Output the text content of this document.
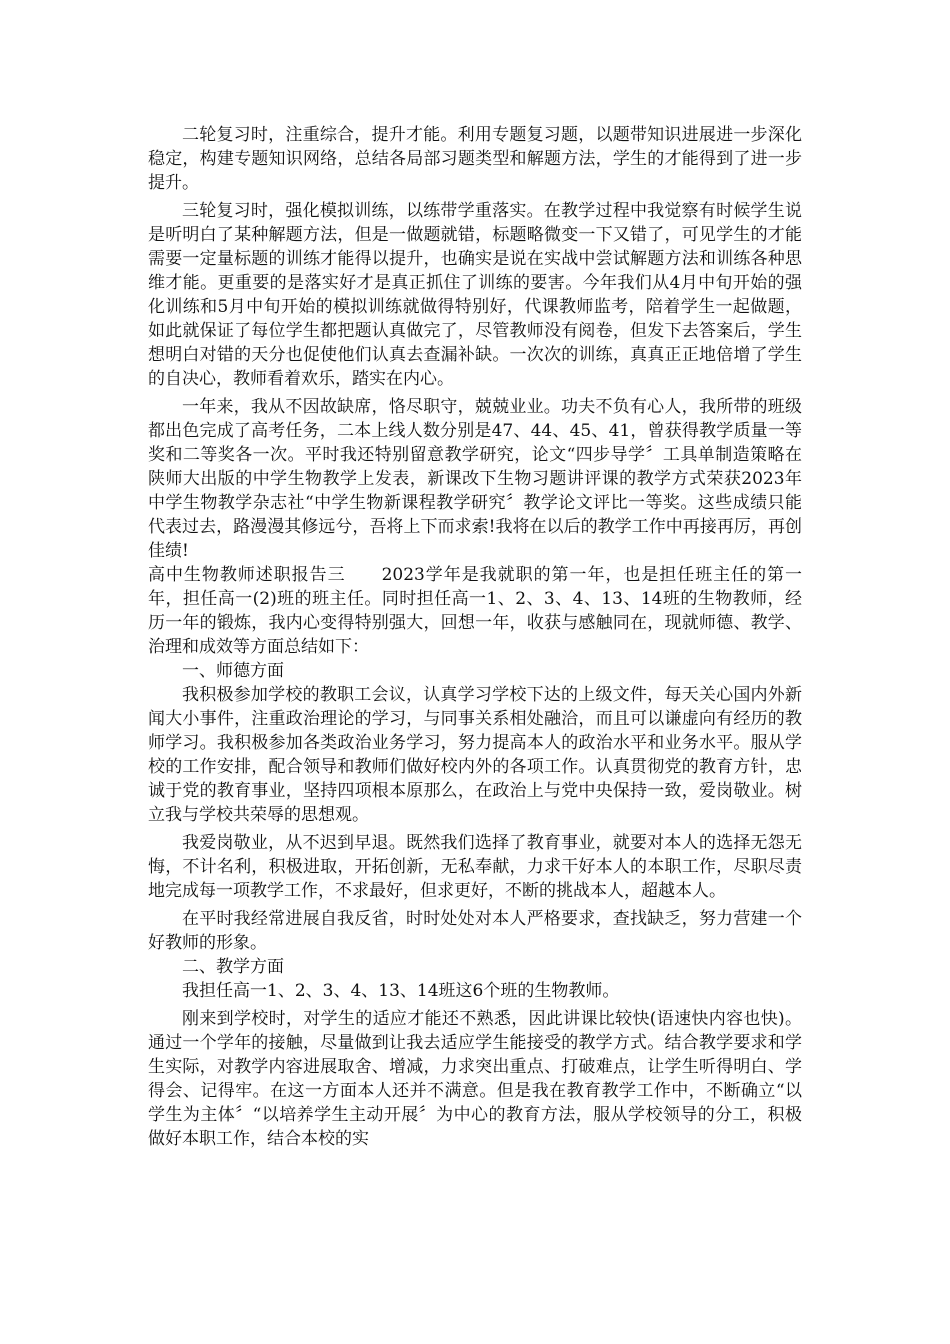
二轮复习时，注重综合，提升才能。利用专题复习题，以题带知识进展进一步深化稳定，构建专题知识网络，总结各局部习题类型和解题方法，学生的才能得到了进一步提升。

三轮复习时，强化模拟训练，以练带学重落实。在教学过程中我觉察有时候学生说是听明白了某种解题方法，但是一做题就错，标题略微变一下又错了，可见学生的才能需要一定量标题的训练才能得以提升，也确实是说在实战中尝试解题方法和训练各种思维才能。更重要的是落实好才是真正抓住了训练的要害。今年我们从4月中旬开始的强化训练和5月中旬开始的模拟训练就做得特别好，代课教师监考，陪着学生一起做题，如此就保证了每位学生都把题认真做完了，尽管教师没有阅卷，但发下去答案后，学生想明白对错的天分也促使他们认真去查漏补缺。一次次的训练，真真正正地倍增了学生的自决心，教师看着欢乐，踏实在内心。

一年来，我从不因故缺席，恪尽职守，兢兢业业。功夫不负有心人，我所带的班级都出色完成了高考任务，二本上线人数分别是47、44、45、41，曾获得教学质量一等奖和二等奖各一次。平时我还特别留意教学研究，论文“四步导学〞工具单制造策略在陕师大出版的中学生物教学上发表，新课改下生物习题讲评课的教学方式荣获2023年中学生物教学杂志社“中学生物新课程教学研究〞教学论文评比一等奖。这些成绩只能代表过去，路漫漫其修远兮，吾将上下而求索!我将在以后的教学工作中再接再厉，再创佳绩!

高中生物教师述职报告三 2023学年是我就职的第一年，也是担任班主任的第一年，担任高一(2)班的班主任。同时担任高一1、2、3、4、13、14班的生物教师，经历一年的锻炼，我内心变得特别强大，回想一年，收获与感触同在，现就师德、教学、治理和成效等方面总结如下：

一、师德方面

我积极参加学校的教职工会议，认真学习学校下达的上级文件，每天关心国内外新闻大小事件，注重政治理论的学习，与同事关系相处融洽，而且可以谦虚向有经历的教师学习。我积极参加各类政治业务学习，努力提高本人的政治水平和业务水平。服从学校的工作安排，配合领导和教师们做好校内外的各项工作。认真贯彻党的教育方针，忠诚于党的教育事业，坚持四项根本原那么，在政治上与党中央保持一致，爱岗敬业。树立我与学校共荣辱的思想观。

我爱岗敬业，从不迟到早退。既然我们选择了教育事业，就要对本人的选择无怨无悔，不计名利，积极进取，开拓创新，无私奉献，力求干好本人的本职工作，尽职尽责地完成每一项教学工作，不求最好，但求更好，不断的挑战本人，超越本人。

在平时我经常进展自我反省，时时处处对本人严格要求，查找缺乏，努力营建一个好教师的形象。

二、教学方面

我担任高一1、2、3、4、13、14班这6个班的生物教师。

刚来到学校时，对学生的适应才能还不熟悉，因此讲课比较快(语速快内容也快)。通过一个学年的接触，尽量做到让我去适应学生能接受的教学方式。结合教学要求和学生实际，对教学内容进展取舍、增减，力求突出重点、打破难点，让学生听得明白、学得会、记得牢。在这一方面本人还并不满意。但是我在教育教学工作中，不断确立“以学生为主体〞“以培养学生主动开展〞为中心的教育方法，服从学校领导的分工，积极做好本职工作，结合本校的实
